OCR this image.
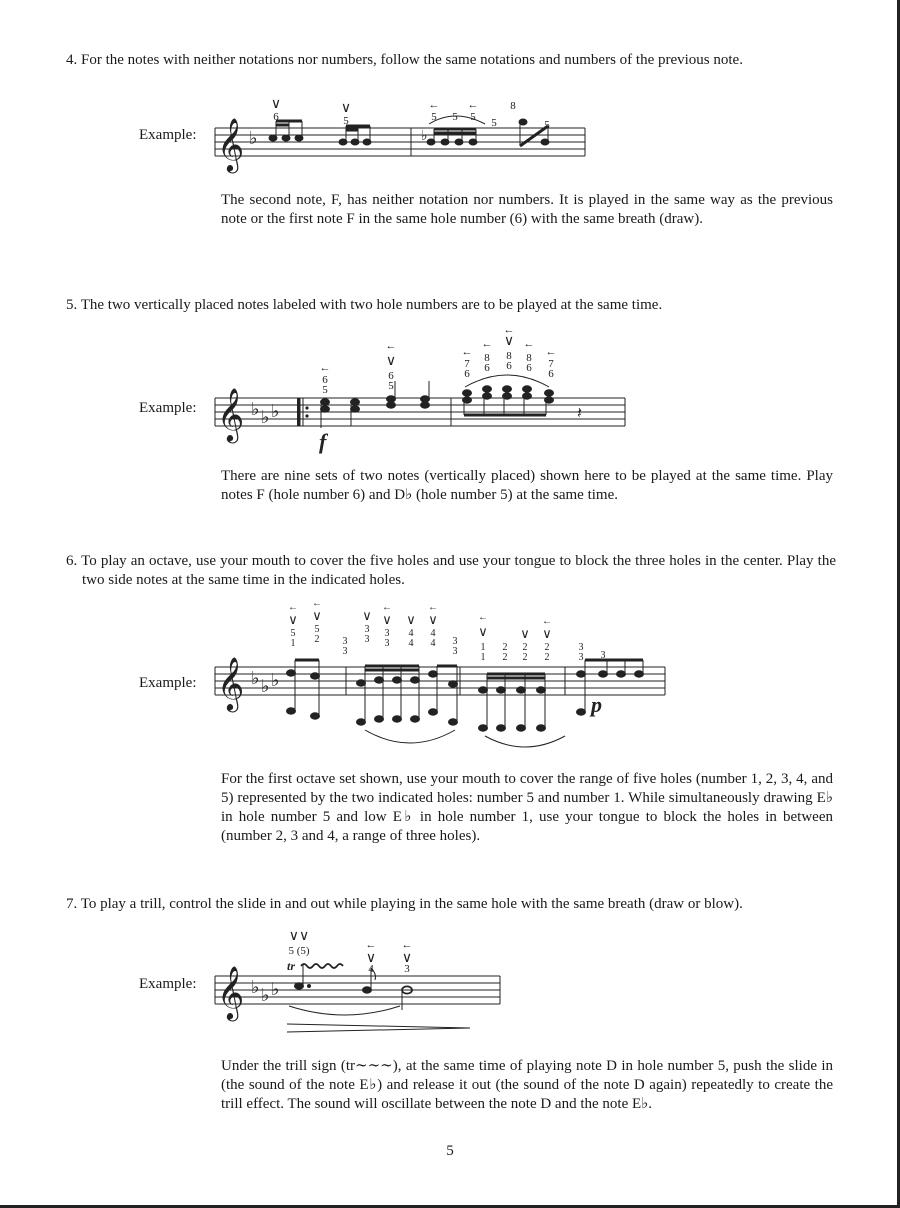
4. For the notes with neither notations nor numbers, follow the same notations and numbers of the previous note.
Example: 𝄞 ♭	♭
∨
6
∨
5
←
5 5
←
5 5
8
5
The second note, F, has neither notation nor numbers. It is played in the same way as the previous note or the first note F in the same hole number (6) with the same breath (draw).
5. The two vertically placed notes labeled with two hole numbers are to be played at the same time.
Example: 𝄞 ♭ ♭ ♭	𝄽
f
←
6
5
←
∨
6
5
←
7
6
←
8
6
←
∨
8
6
←
8
6
←
7
6
There are nine sets of two notes (vertically placed) shown here to be played at the same time. Play notes F (hole number 6) and D♭ (hole number 5) at the same time.
6. To play an octave, use your mouth to cover the five holes and use your tongue to block the three holes in the center. Play the two side notes at the same time in the indicated holes.
Example: 𝄞 ♭ ♭ ♭
p
←
∨
5
1
←
∨
5
2 3
3
∨
3
3
←
∨
3
3
∨
4
4
←
∨
4
4 3
3
←
∨
1
1
2
2
∨
2
2
←
∨
2
2
3
3 3
For the first octave set shown, use your mouth to cover the range of five holes (number 1, 2, 3, 4, and 5) represented by the two indicated holes: number 5 and number 1. While simultaneously drawing E♭ in hole number 5 and low E♭ in hole number 1, use your tongue to block the holes in between (number 2, 3 and 4, a range of three holes).
7. To play a trill, control the slide in and out while playing in the same hole with the same breath (draw or blow).
Example: 𝄞 ♭ ♭ ♭
tr
∨∨
5 (5)	←
∨
4
←
∨
3
Under the trill sign (tr∼∼∼), at the same time of playing note D in hole number 5, push the slide in (the sound of the note E♭) and release it out (the sound of the note D again) repeatedly to create the trill effect. The sound will oscillate between the note D and the note E♭.
5
